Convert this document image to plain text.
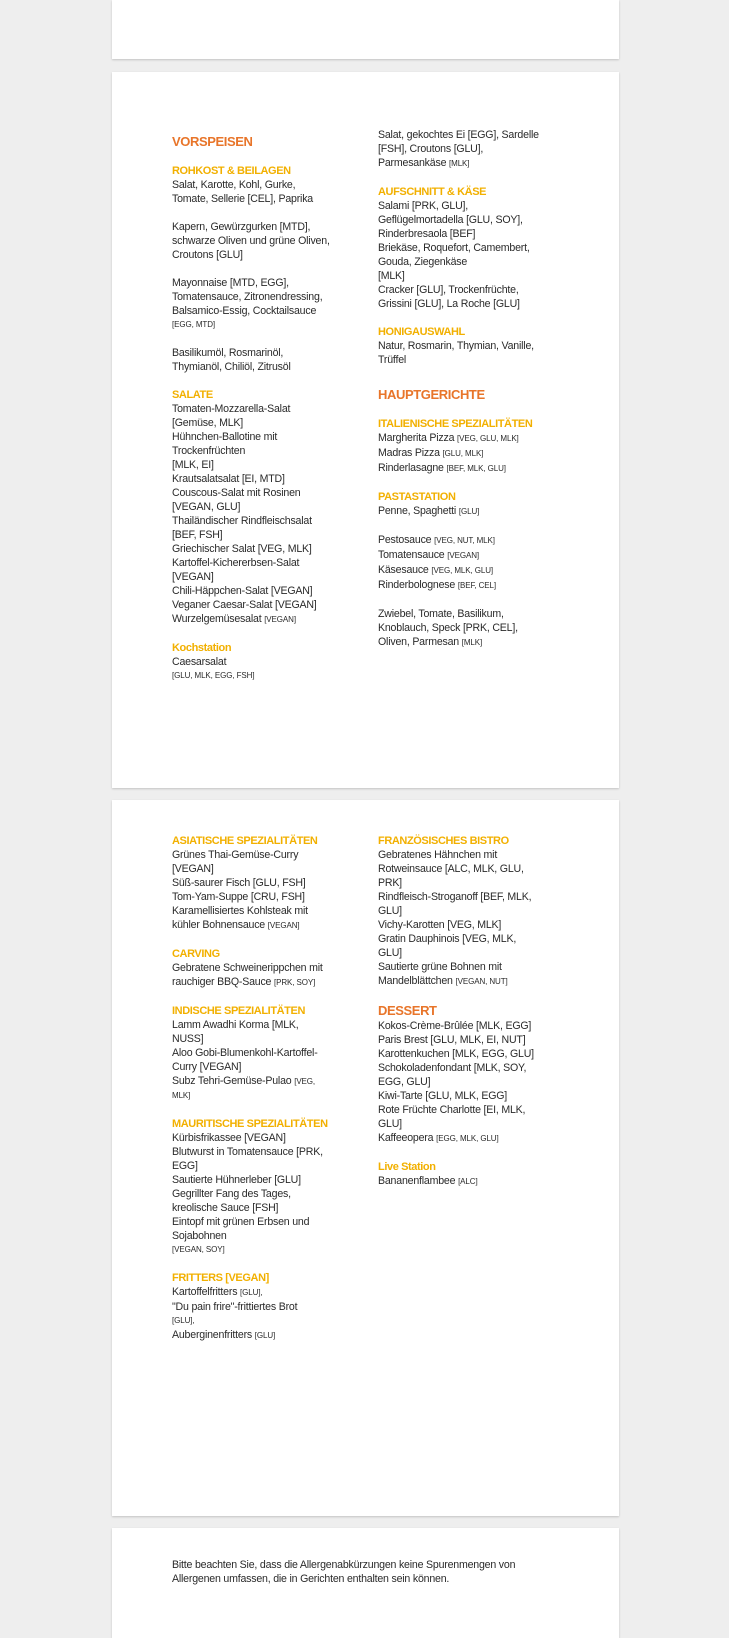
VORSPEISEN
ROHKOST & BEILAGEN
Salat, Karotte, Kohl, Gurke,
Tomate, Sellerie [CEL], Paprika
Kapern, Gewürzgurken [MTD],
schwarze Oliven und grüne Oliven,
Croutons [GLU]
Mayonnaise [MTD, EGG],
Tomatensauce, Zitronendressing,
Balsamico-Essig, Cocktailsauce
[EGG, MTD]
Basilikumöl, Rosmarinöl,
Thymianöl, Chiliöl, Zitrusöl
SALATE
Tomaten-Mozzarella-Salat
[Gemüse, MLK]
Hühnchen-Ballotine mit
Trockenfrüchten
[MLK, EI]
Krautsalatsalat [EI, MTD]
Couscous-Salat mit Rosinen
[VEGAN, GLU]
Thailändischer Rindfleischsalat
[BEF, FSH]
Griechischer Salat [VEG, MLK]
Kartoffel-Kichererbsen-Salat
[VEGAN]
Chili-Häppchen-Salat [VEGAN]
Veganer Caesar-Salat [VEGAN]
Wurzelgemüsesalat [VEGAN]
Kochstation
Caesarsalat
[GLU, MLK, EGG, FSH]
Salat, gekochtes Ei [EGG], Sardelle
[FSH], Croutons [GLU],
Parmesankäse [MLK]
AUFSCHNITT & KÄSE
Salami [PRK, GLU],
Geflügelmortadella [GLU, SOY],
Rinderbresaola [BEF]
Briekäse, Roquefort, Camembert,
Gouda, Ziegenkäse
[MLK]
Cracker [GLU], Trockenfrüchte,
Grissini [GLU], La Roche [GLU]
HONIGAUSWAHL
Natur, Rosmarin, Thymian, Vanille,
Trüffel
HAUPTGERICHTE
ITALIENISCHE SPEZIALITÄTEN
Margherita Pizza [VEG, GLU, MLK]
Madras Pizza [GLU, MLK]
Rinderlasagne [BEF, MLK, GLU]
PASTASTATION
Penne, Spaghetti [GLU]
Pestosauce [VEG, NUT, MLK]
Tomatensauce [VEGAN]
Käsesauce [VEG, MLK, GLU]
Rinderbolognese [BEF, CEL]
Zwiebel, Tomate, Basilikum,
Knoblauch, Speck [PRK, CEL],
Oliven, Parmesan [MLK]
ASIATISCHE SPEZIALITÄTEN
Grünes Thai-Gemüse-Curry
[VEGAN]
Süß-saurer Fisch [GLU, FSH]
Tom-Yam-Suppe [CRU, FSH]
Karamellisiertes Kohlsteak mit
kühler Bohnensauce [VEGAN]
CARVING
Gebratene Schweinerippchen mit
rauchiger BBQ-Sauce [PRK, SOY]
INDISCHE SPEZIALITÄTEN
Lamm Awadhi Korma [MLK,
NUSS]
Aloo Gobi-Blumenkohl-Kartoffel-
Curry [VEGAN]
Subz Tehri-Gemüse-Pulao [VEG,
MLK]
MAURITISCHE SPEZIALITÄTEN
Kürbisfrikassee [VEGAN]
Blutwurst in Tomatensauce [PRK,
EGG]
Sautierte Hühnerleber [GLU]
Gegrillter Fang des Tages,
kreolische Sauce [FSH]
Eintopf mit grünen Erbsen und
Sojabohnen
[VEGAN, SOY]
FRITTERS [VEGAN]
Kartoffelfritters [GLU],
"Du pain frire"-frittiertes Brot
[GLU],
Auberginenfritters [GLU]
FRANZÖSISCHES BISTRO
Gebratenes Hähnchen mit
Rotweinsauce [ALC, MLK, GLU,
PRK]
Rindfleisch-Stroganoff [BEF, MLK,
GLU]
Vichy-Karotten [VEG, MLK]
Gratin Dauphinois [VEG, MLK,
GLU]
Sautierte grüne Bohnen mit
Mandelblättchen [VEGAN, NUT]
DESSERT
Kokos-Crème-Brûlée [MLK, EGG]
Paris Brest [GLU, MLK, EI, NUT]
Karottenkuchen [MLK, EGG, GLU]
Schokoladenfondant [MLK, SOY,
EGG, GLU]
Kiwi-Tarte [GLU, MLK, EGG]
Rote Früchte Charlotte [EI, MLK,
GLU]
Kaffeeopera [EGG, MLK, GLU]
Live Station
Bananenflambee [ALC]
Bitte beachten Sie, dass die Allergenabkürzungen keine Spurenmengen von
Allergenen umfassen, die in Gerichten enthalten sein können.
